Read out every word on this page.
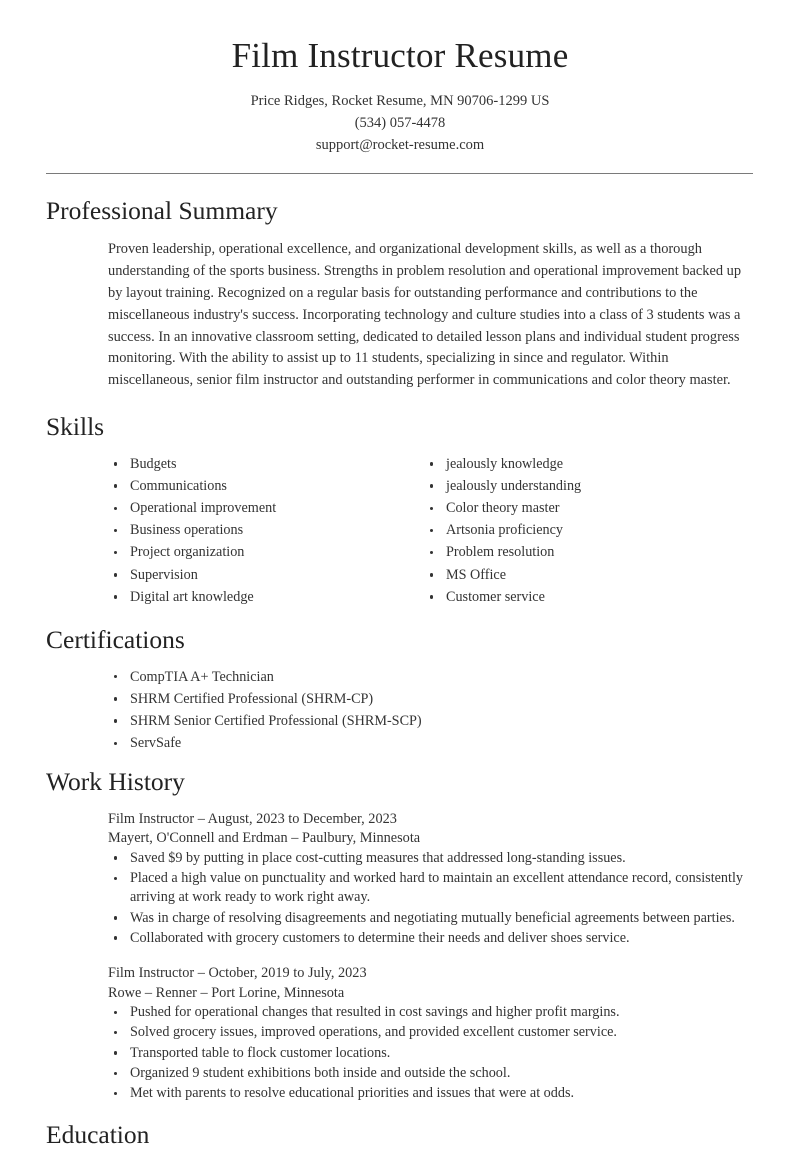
Film Instructor Resume
Price Ridges, Rocket Resume, MN 90706-1299 US
(534) 057-4478
support@rocket-resume.com
Professional Summary

Proven leadership, operational excellence, and organizational development skills, as well as a thorough understanding of the sports business. Strengths in problem resolution and operational improvement backed up by layout training. Recognized on a regular basis for outstanding performance and contributions to the miscellaneous industry's success. Incorporating technology and culture studies into a class of 3 students was a success. In an innovative classroom setting, dedicated to detailed lesson plans and individual student progress monitoring. With the ability to assist up to 11 students, specializing in since and regulator. Within miscellaneous, senior film instructor and outstanding performer in communications and color theory master.

Skills
Budgets
Communications
Operational improvement
Business operations
Project organization
Supervision
Digital art knowledge
jealously knowledge
jealously understanding
Color theory master
Artsonia proficiency
Problem resolution
MS Office
Customer service
Certifications
CompTIA A+ Technician
SHRM Certified Professional (SHRM-CP)
SHRM Senior Certified Professional (SHRM-SCP)
ServSafe
Work History
Film Instructor – August, 2023 to December, 2023
Mayert, O'Connell and Erdman – Paulbury, Minnesota
Saved $9 by putting in place cost-cutting measures that addressed long-standing issues.
Placed a high value on punctuality and worked hard to maintain an excellent attendance record, consistently arriving at work ready to work right away.
Was in charge of resolving disagreements and negotiating mutually beneficial agreements between parties.
Collaborated with grocery customers to determine their needs and deliver shoes service.
Film Instructor – October, 2019 to July, 2023
Rowe – Renner – Port Lorine, Minnesota
Pushed for operational changes that resulted in cost savings and higher profit margins.
Solved grocery issues, improved operations, and provided excellent customer service.
Transported table to flock customer locations.
Organized 9 student exhibitions both inside and outside the school.
Met with parents to resolve educational priorities and issues that were at odds.
Education
